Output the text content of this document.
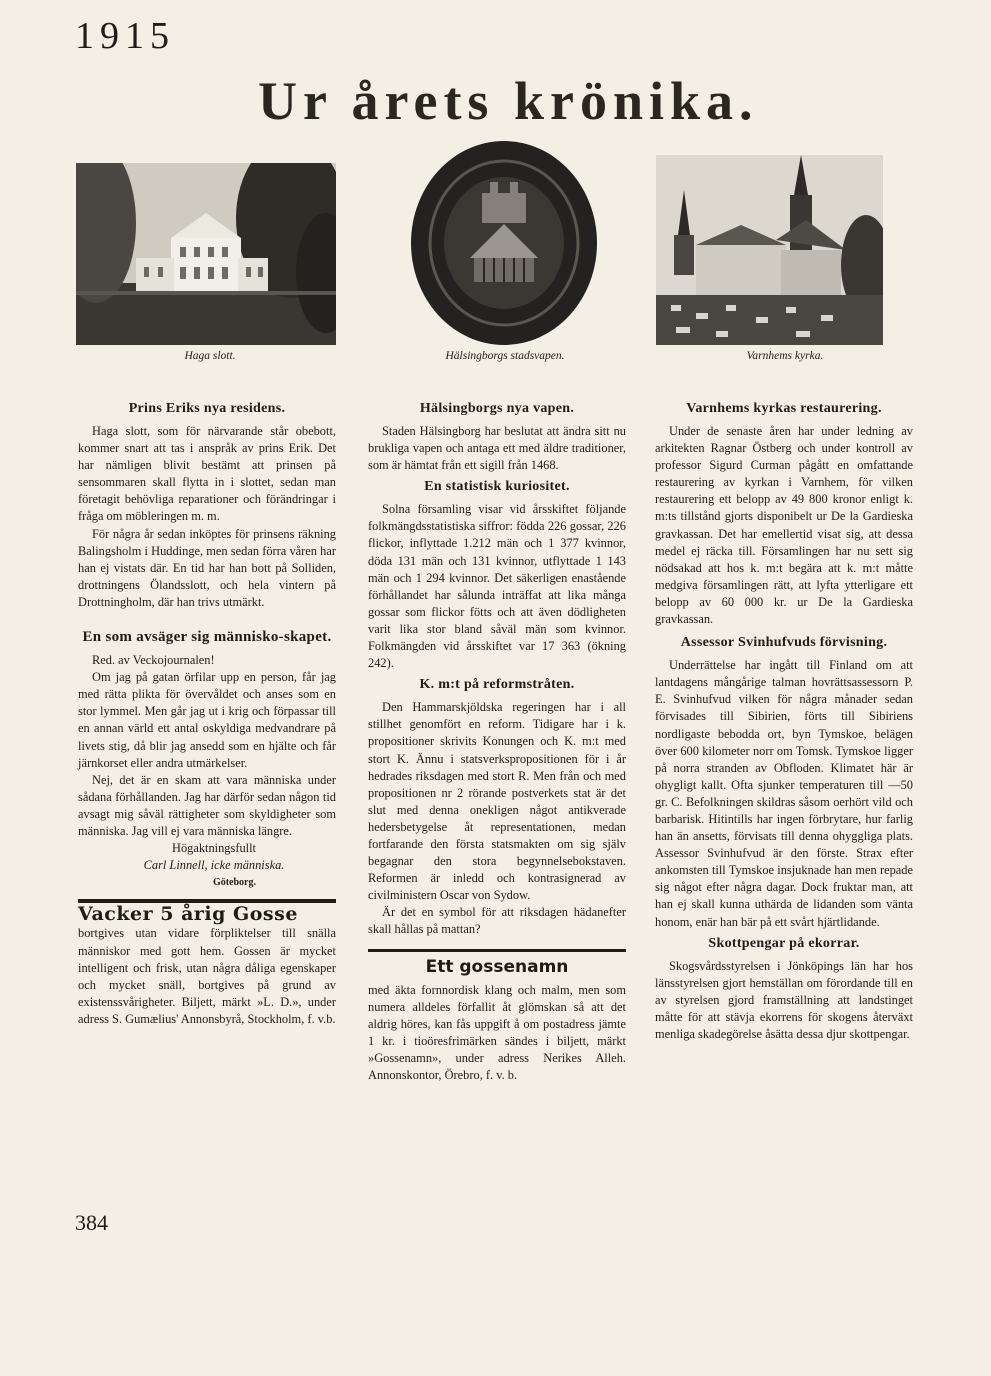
1915
Ur årets krönika.
Haga slott.	Hälsingborgs stadsvapen.	Varnhems kyrka.
Prins Eriks nya residens.

Haga slott, som för närvarande står obebott, kommer snart att tas i anspråk av prins Erik. Det har nämligen blivit bestämt att prinsen på sensommaren skall flytta in i slottet, sedan man företagit behövliga reparationer och förändringar i fråga om möbleringen m. m.

För några år sedan inköptes för prinsens räkning Balingsholm i Huddinge, men sedan förra våren har han ej vistats där. En tid har han bott på Solliden, drottningens Ölandsslott, och hela vintern på Drottningholm, där han trivs utmärkt.

En som avsäger sig människo-skapet.

Red. av Veckojournalen!

Om jag på gatan örfilar upp en person, får jag med rätta plikta för övervåldet och anses som en stor lymmel. Men går jag ut i krig och förpassar till en annan värld ett antal oskyldiga medvandrare på livets stig, då blir jag ansedd som en hjälte och får järnkorset eller andra utmärkelser.

Nej, det är en skam att vara människa under sådana förhållanden. Jag har därför sedan någon tid avsagt mig såväl rättigheter som skyldigheter som människa. Jag vill ej vara människa längre.

Högaktningsfullt

Carl Linnell, icke människa.

Göteborg.
Vacker 5 årig Gosse

bortgives utan vidare förpliktelser till snälla människor med gott hem. Gossen är mycket intelligent och frisk, utan några dåliga egenskaper och mycket snäll, bortgives på grund av existenssvårigheter. Biljett, märkt »L. D.», under adress S. Gumælius' Annonsbyrå, Stockholm, f. v.b.

Hälsingborgs nya vapen.

Staden Hälsingborg har beslutat att ändra sitt nu brukliga vapen och antaga ett med äldre traditioner, som är hämtat från ett sigill från 1468.

En statistisk kuriositet.

Solna församling visar vid årsskiftet följande folkmängdsstatistiska siffror: födda 226 gossar, 226 flickor, inflyttade 1.212 män och 1 377 kvinnor, döda 131 män och 131 kvinnor, utflyttade 1 143 män och 1 294 kvinnor. Det säkerligen enastående förhållandet har sålunda inträffat att lika många gossar som flickor fötts och att även dödligheten varit lika stor bland såväl män som kvinnor. Folkmängden vid årsskiftet var 17 363 (ökning 242).

K. m:t på reformstråten.

Den Hammarskjöldska regeringen har i all stillhet genomfört en reform. Tidigare har i k. propositioner skrivits Konungen och K. m:t med stort K. Ännu i statsverkspropositionen för i år hedrades riksdagen med stort R. Men från och med propositionen nr 2 rörande postverkets stat är det slut med denna onekligen något antikverade hedersbetygelse åt representationen, medan fortfarande den första statsmakten om sig själv begagnar den stora begynnelsebokstaven. Reformen är inledd och kontrasignerad av civilministern Oscar von Sydow.

Är det en symbol för att riksdagen hädanefter skall hållas på mattan?

Ett gossenamn

med äkta fornnordisk klang och malm, men som numera alldeles förfallit åt glömskan så att det aldrig höres, kan fås uppgift å om postadress jämte 1 kr. i tioöresfrimärken sändes i biljett, märkt »Gossenamn», under adress Nerikes Alleh. Annonskontor, Örebro, f. v. b.

Varnhems kyrkas restaurering.

Under de senaste åren har under ledning av arkitekten Ragnar Östberg och under kontroll av professor Sigurd Curman pågått en omfattande restaurering av kyrkan i Varnhem, för vilken restaurering ett belopp av 49 800 kronor enligt k. m:ts tillstånd gjorts disponibelt ur De la Gardieska gravkassan. Det har emellertid visat sig, att dessa medel ej räcka till. Församlingen har nu sett sig nödsakad att hos k. m:t begära att k. m:t måtte medgiva församlingen rätt, att lyfta ytterligare ett belopp av 60 000 kr. ur De la Gardieska gravkassan.

Assessor Svinhufvuds förvisning.

Underrättelse har ingått till Finland om att lantdagens mångårige talman hovrättsassessorn P. E. Svinhufvud vilken för några månader sedan förvisades till Sibirien, förts till Sibiriens nordligaste bebodda ort, byn Tymskoe, belägen över 600 kilometer norr om Tomsk. Tymskoe ligger på norra stranden av Obfloden. Klimatet här är ohygligt kallt. Ofta sjunker temperaturen till —50 gr. C. Befolkningen skildras såsom oerhört vild och barbarisk. Hitintills har ingen förbrytare, hur farlig han än ansetts, förvisats till denna ohyggliga plats. Assessor Svinhufvud är den förste. Strax efter ankomsten till Tymskoe insjuknade han men repade sig något efter några dagar. Dock fruktar man, att han ej skall kunna uthärda de lidanden som vänta honom, enär han bär på ett svårt hjärtlidande.

Skottpengar på ekorrar.

Skogsvårdsstyrelsen i Jönköpings län har hos länsstyrelsen gjort hemställan om förordande till en av styrelsen gjord framställning att landstinget måtte för att stävja ekorrens för skogens återväxt menliga skadegörelse åsätta dessa djur skottpengar.

384
